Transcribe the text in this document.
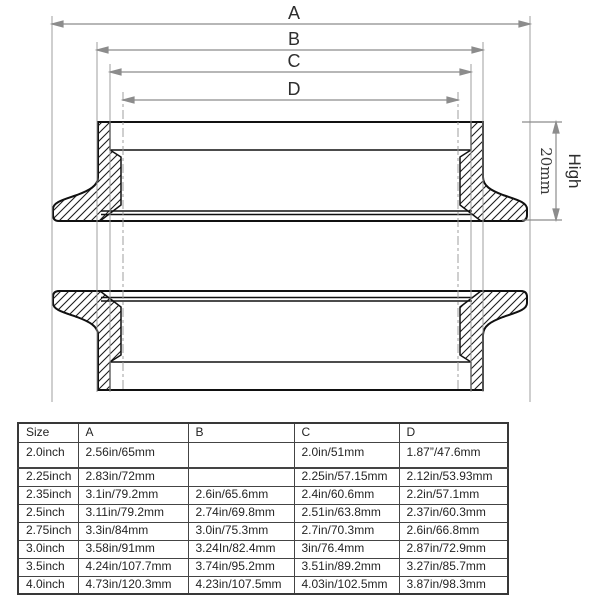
A
B
C
D
20mm High
Size	A	B	C	D
2.0inch	2.56in/65mm		2.0in/51mm	1.87”/47.6mm
2.25inch	2.83in/72mm		2.25in/57.15mm	2.12in/53.93mm
2.35inch	3.1in/79.2mm	2.6in/65.6mm	2.4in/60.6mm	2.2in/57.1mm
2.5inch	3.11in/79.2mm	2.74in/69.8mm	2.51in/63.8mm	2.37in/60.3mm
2.75inch	3.3in/84mm	3.0in/75.3mm	2.7in/70.3mm	2.6in/66.8mm
3.0inch	3.58in/91mm	3.24In/82.4mm	3in/76.4mm	2.87in/72.9mm
3.5inch	4.24in/107.7mm	3.74in/95.2mm	3.51in/89.2mm	3.27in/85.7mm
4.0inch	4.73in/120.3mm	4.23in/107.5mm	4.03in/102.5mm	3.87in/98.3mm
